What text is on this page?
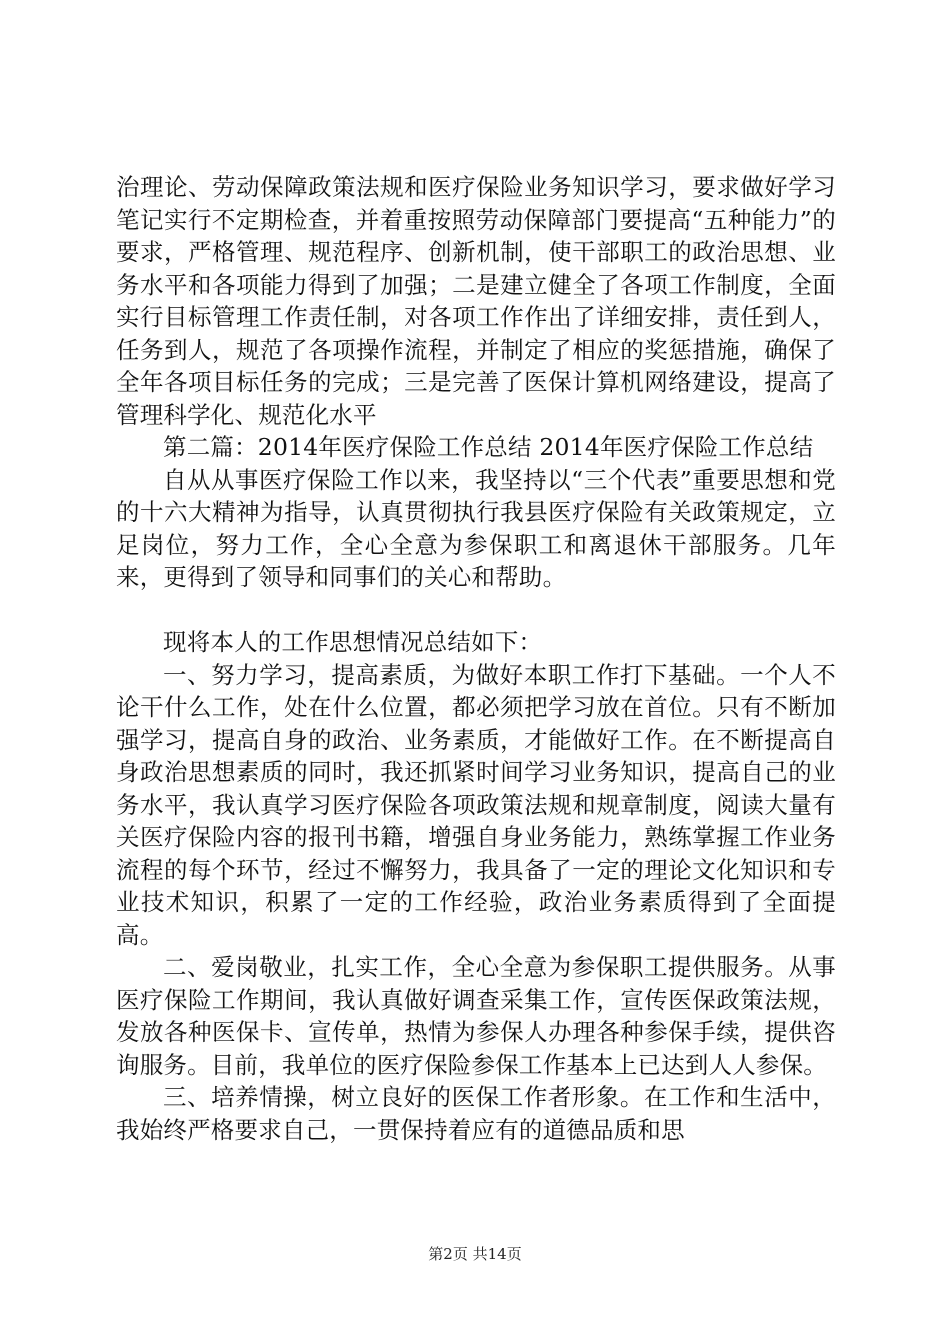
治理论、劳动保障政策法规和医疗保险业务知识学习，要求做好学习笔记实行不定期检查，并着重按照劳动保障部门要提高“五种能力”的要求，严格管理、规范程序、创新机制，使干部职工的政治思想、业务水平和各项能力得到了加强；二是建立健全了各项工作制度，全面实行目标管理工作责任制，对各项工作作出了详细安排，责任到人，任务到人，规范了各项操作流程，并制定了相应的奖惩措施，确保了全年各项目标任务的完成；三是完善了医保计算机网络建设，提高了管理科学化、规范化水平

第二篇：2014年医疗保险工作总结 2014年医疗保险工作总结

自从从事医疗保险工作以来，我坚持以“三个代表”重要思想和党的十六大精神为指导，认真贯彻执行我县医疗保险有关政策规定，立足岗位，努力工作，全心全意为参保职工和离退休干部服务。几年来，更得到了领导和同事们的关心和帮助。

现将本人的工作思想情况总结如下：

一、努力学习，提高素质，为做好本职工作打下基础。一个人不论干什么工作，处在什么位置，都必须把学习放在首位。只有不断加强学习，提高自身的政治、业务素质，才能做好工作。在不断提高自身政治思想素质的同时，我还抓紧时间学习业务知识，提高自己的业务水平，我认真学习医疗保险各项政策法规和规章制度，阅读大量有关医疗保险内容的报刊书籍，增强自身业务能力，熟练掌握工作业务流程的每个环节，经过不懈努力，我具备了一定的理论文化知识和专业技术知识，积累了一定的工作经验，政治业务素质得到了全面提高。

二、爱岗敬业，扎实工作，全心全意为参保职工提供服务。从事医疗保险工作期间，我认真做好调查采集工作，宣传医保政策法规，发放各种医保卡、宣传单，热情为参保人办理各种参保手续，提供咨询服务。目前，我单位的医疗保险参保工作基本上已达到人人参保。

三、培养情操，树立良好的医保工作者形象。在工作和生活中，我始终严格要求自己，一贯保持着应有的道德品质和思

第2页 共14页
